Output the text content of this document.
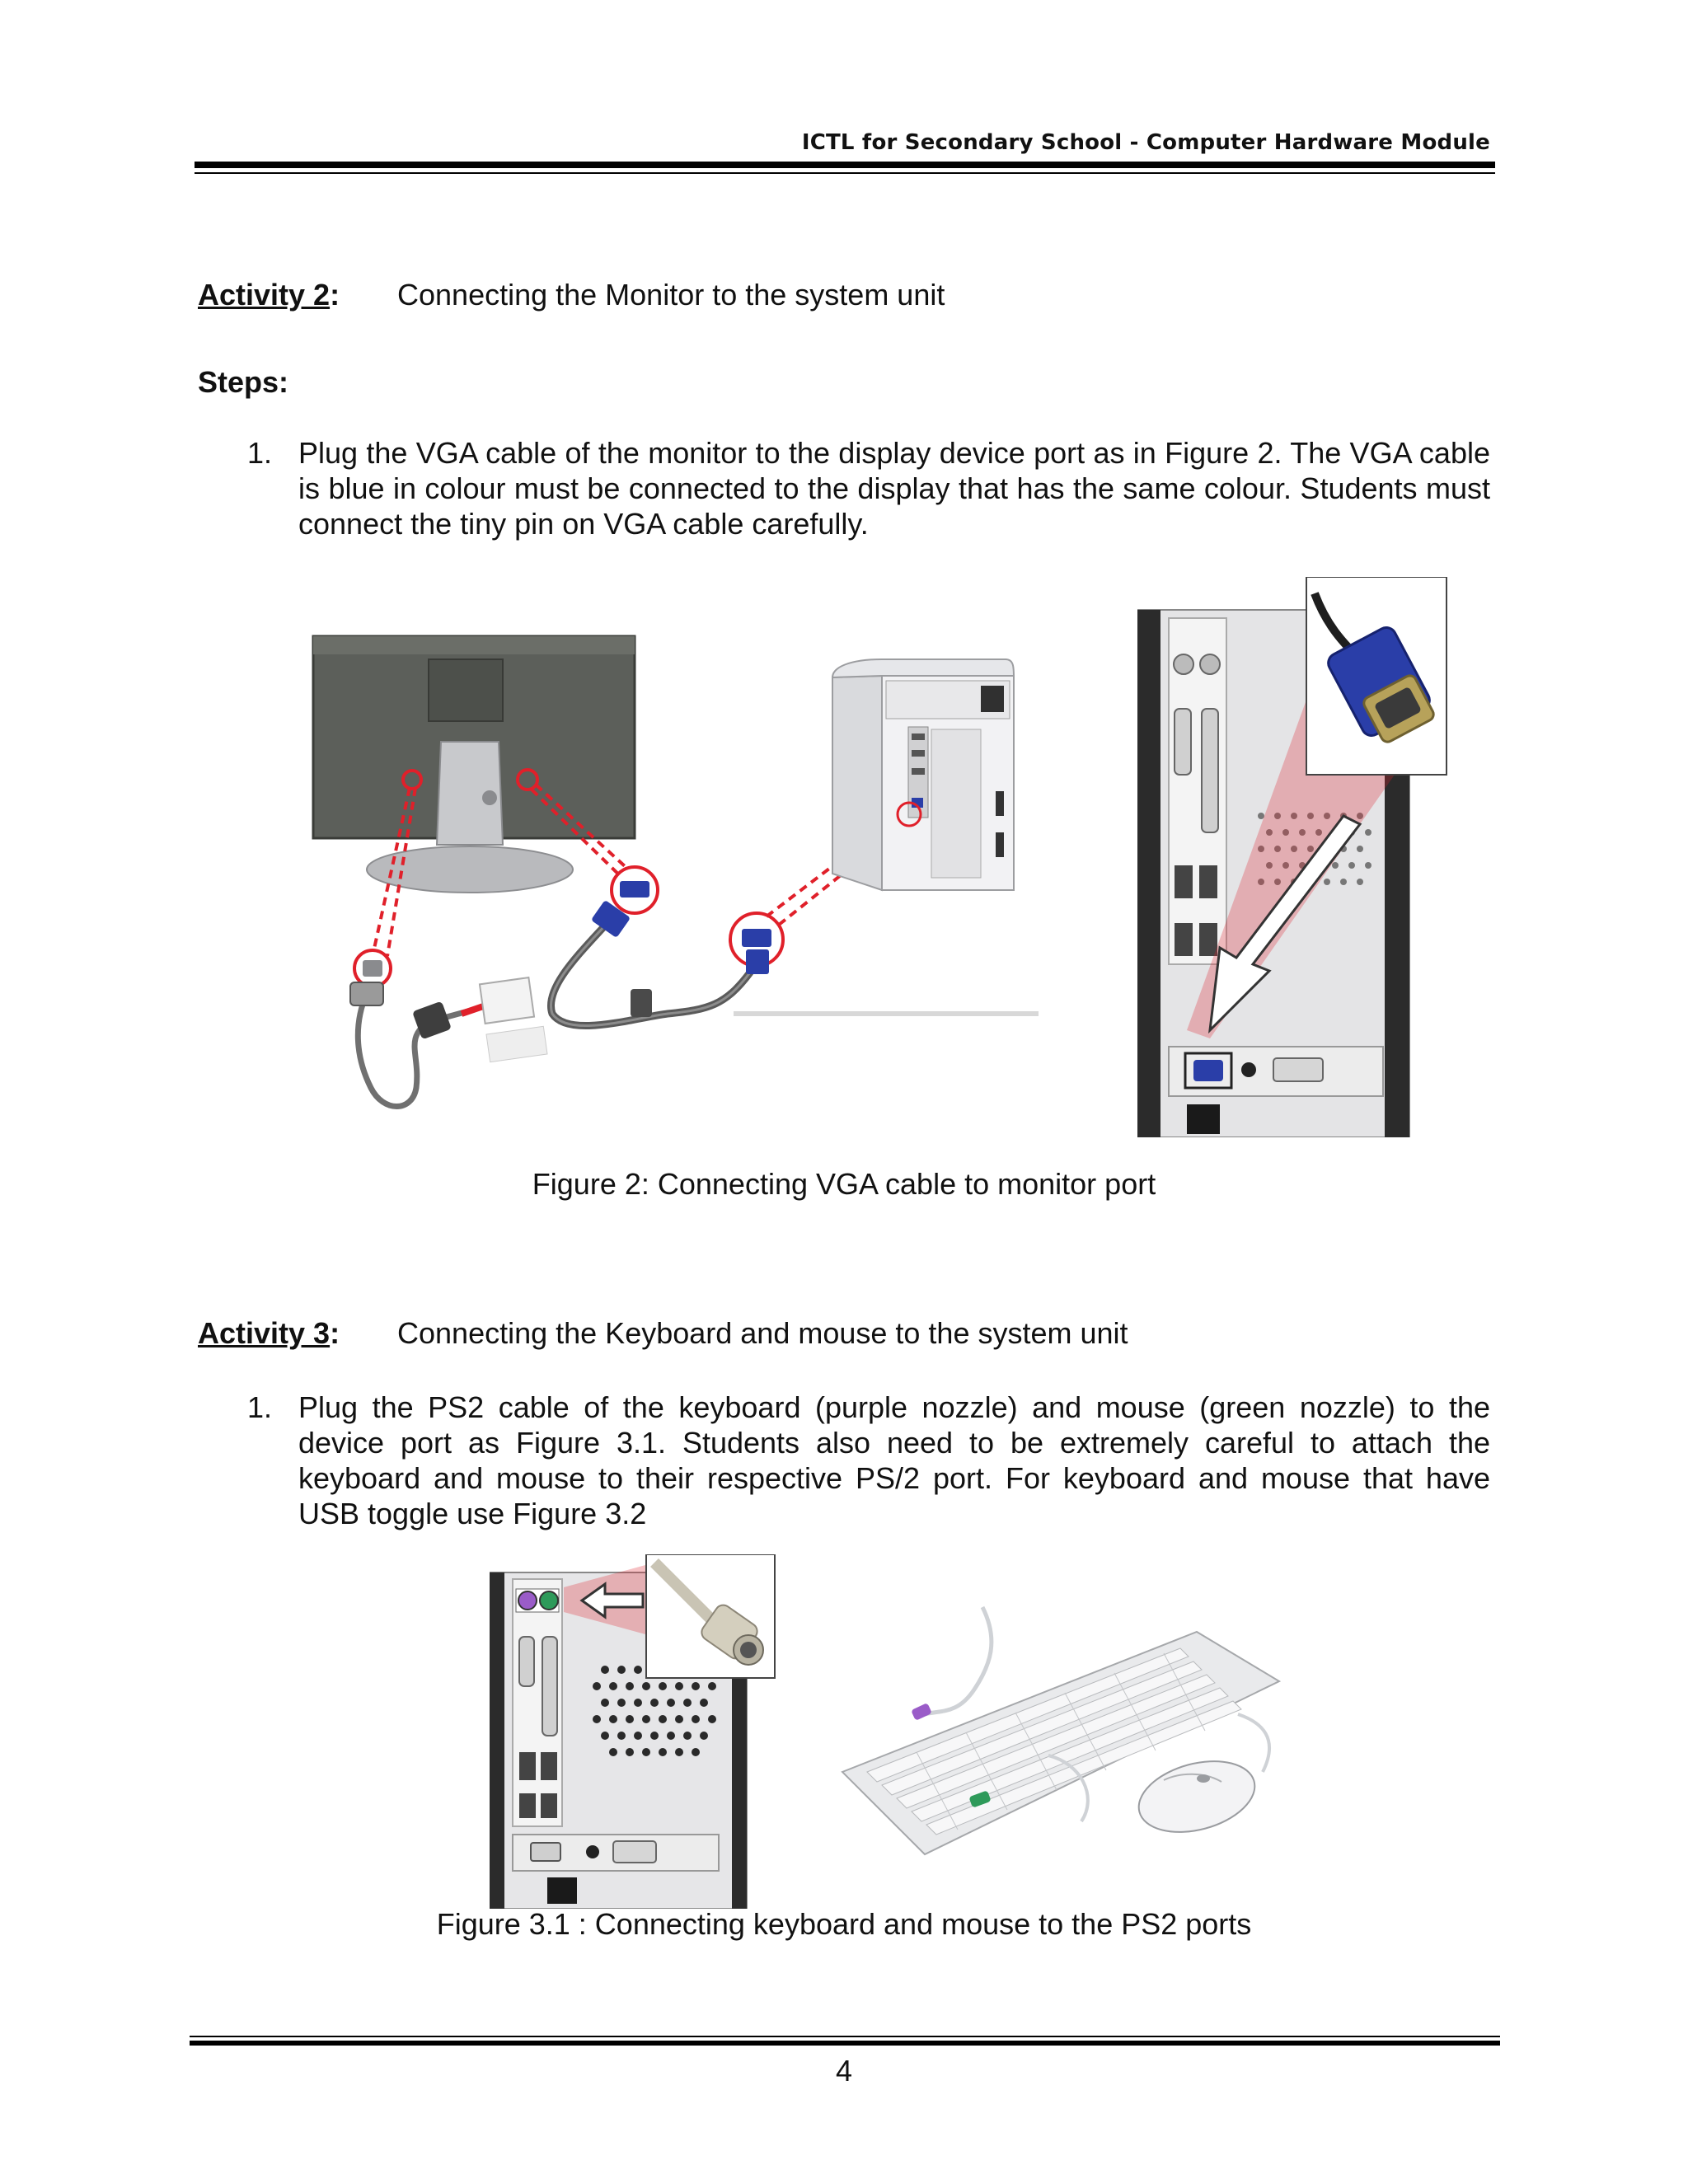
ICTL for Secondary School - Computer Hardware Module
Activity 2: Connecting the Monitor to the system unit
Steps:
1. Plug the VGA cable of the monitor to the display device port as in Figure 2. The VGA cable is blue in colour must be connected to the display that has the same colour. Students must connect the tiny pin on VGA cable carefully.
Figure 2: Connecting VGA cable to monitor port
Activity 3: Connecting the Keyboard and mouse to the system unit
1. Plug the PS2 cable of the keyboard (purple nozzle) and mouse (green nozzle) to the device port as Figure 3.1. Students also need to be extremely careful to attach the keyboard and mouse to their respective PS/2 port. For keyboard and mouse that have USB toggle use Figure 3.2
Figure 3.1 : Connecting keyboard and mouse to the PS2 ports
4
